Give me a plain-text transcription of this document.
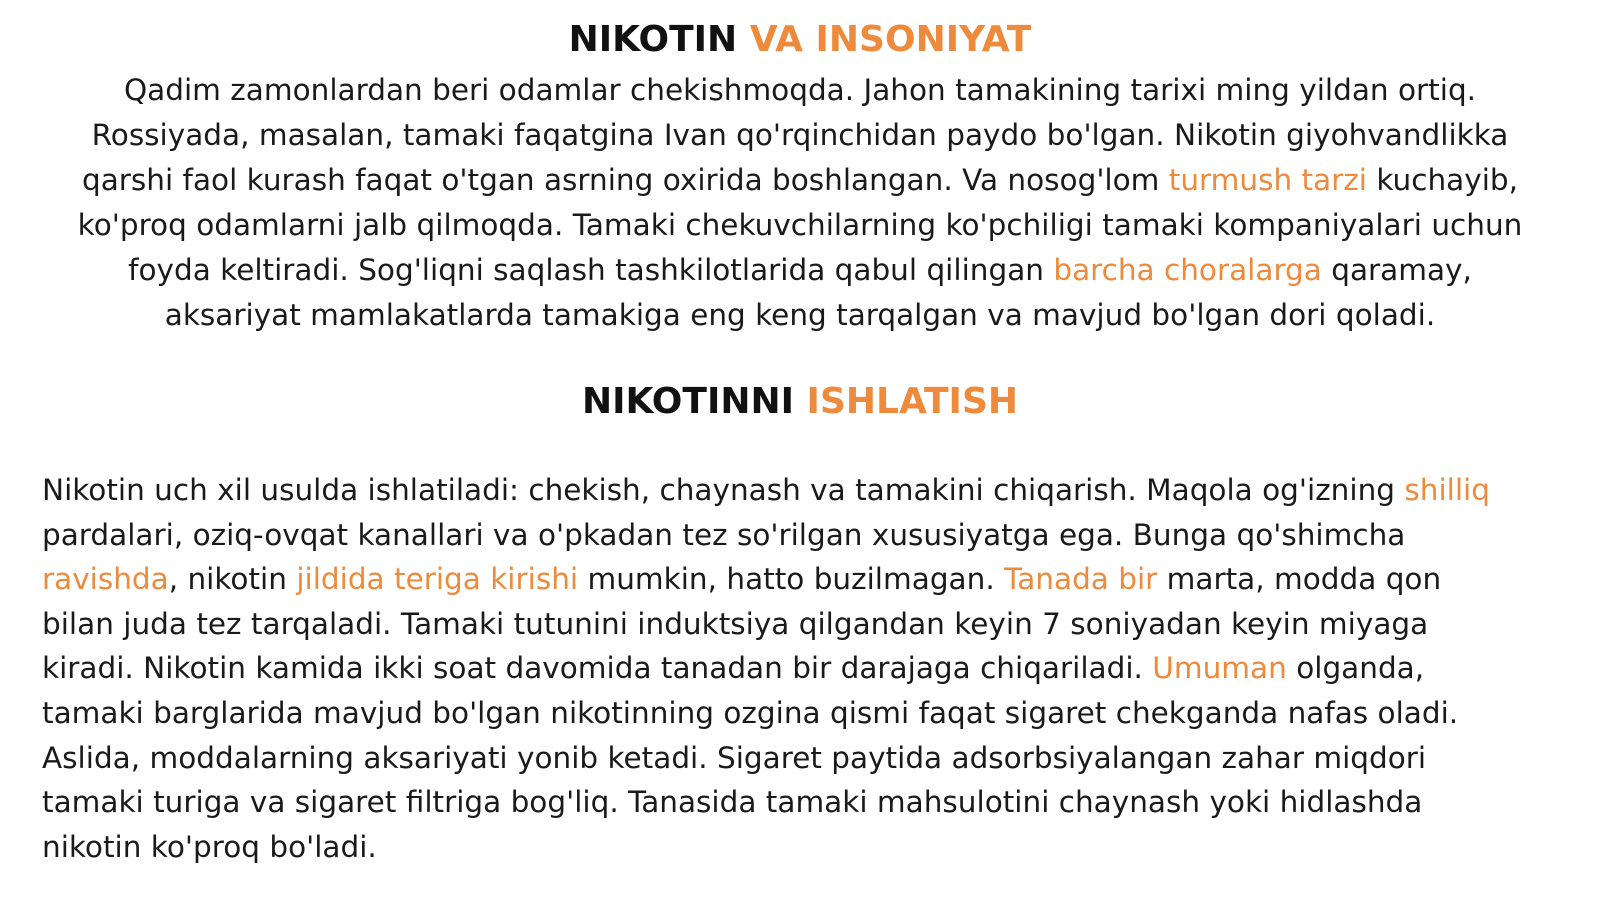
NIKOTIN VA INSONIYAT

Qadim zamonlardan beri odamlar chekishmoqda. Jahon tamakining tarixi ming yildan ortiq.
Rossiyada, masalan, tamaki faqatgina Ivan qo'rqinchidan paydo bo'lgan. Nikotin giyohvandlikka
qarshi faol kurash faqat o'tgan asrning oxirida boshlangan. Va nosog'lom turmush tarzi kuchayib,
ko'proq odamlarni jalb qilmoqda. Tamaki chekuvchilarning ko'pchiligi tamaki kompaniyalari uchun
foyda keltiradi. Sog'liqni saqlash tashkilotlarida qabul qilingan barcha choralarga qaramay,
aksariyat mamlakatlarda tamakiga eng keng tarqalgan va mavjud bo'lgan dori qoladi.

NIKOTINNI ISHLATISH

Nikotin uch xil usulda ishlatiladi: chekish, chaynash va tamakini chiqarish. Maqola og'izning shilliq
pardalari, oziq-ovqat kanallari va o'pkadan tez so'rilgan xususiyatga ega. Bunga qo'shimcha
ravishda, nikotin jildida teriga kirishi mumkin, hatto buzilmagan. Tanada bir marta, modda qon
bilan juda tez tarqaladi. Tamaki tutunini induktsiya qilgandan keyin 7 soniyadan keyin miyaga
kiradi. Nikotin kamida ikki soat davomida tanadan bir darajaga chiqariladi. Umuman olganda,
tamaki barglarida mavjud bo'lgan nikotinning ozgina qismi faqat sigaret chekganda nafas oladi.
Aslida, moddalarning aksariyati yonib ketadi. Sigaret paytida adsorbsiyalangan zahar miqdori
tamaki turiga va sigaret filtriga bog'liq. Tanasida tamaki mahsulotini chaynash yoki hidlashda
nikotin ko'proq bo'ladi.
